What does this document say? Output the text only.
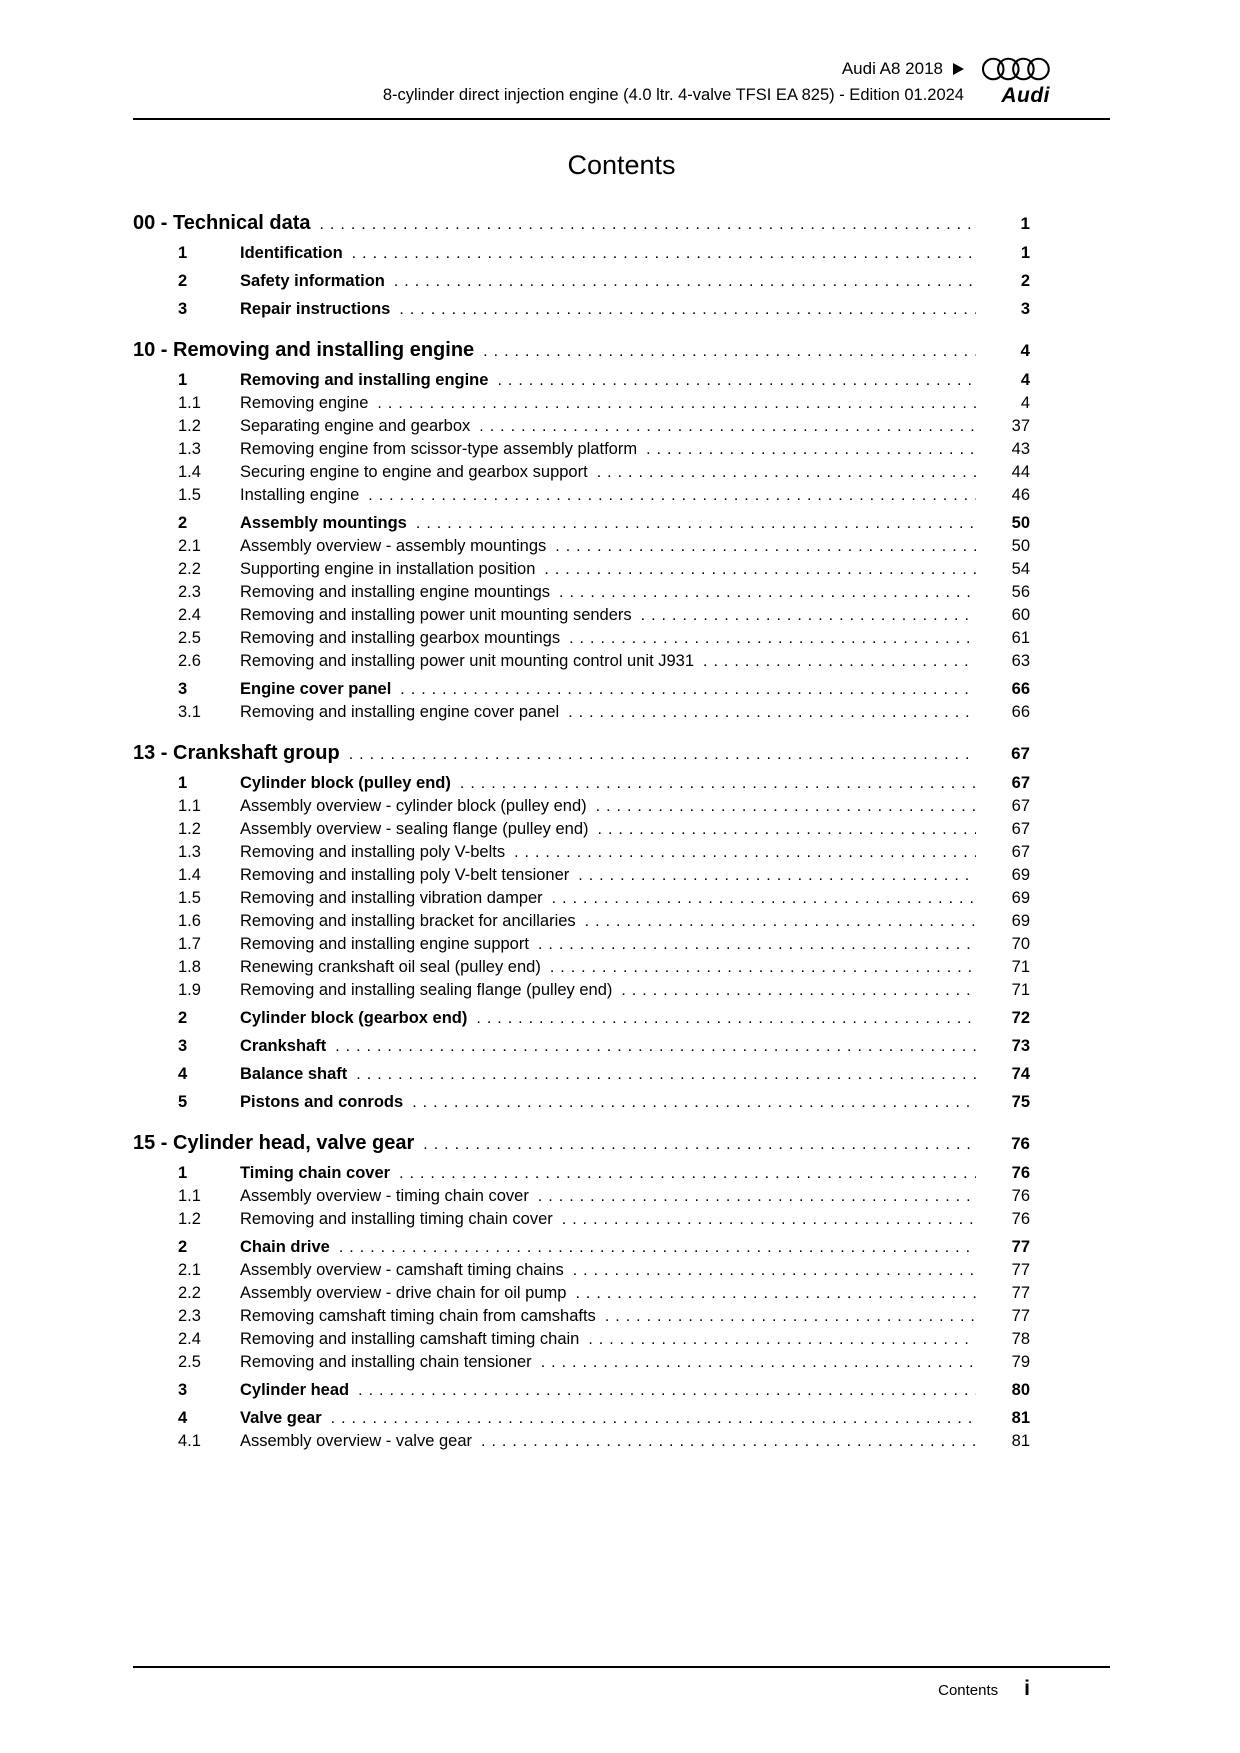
Audi A8 2018
8-cylinder direct injection engine (4.0 ltr. 4-valve TFSI EA 825) - Edition 01.2024	Audi
Contents
00 - Technical data .....	1
1	Identification .....	1
2	Safety information .....	2
3	Repair instructions .....	3
10 - Removing and installing engine .....	4
1	Removing and installing engine .....	4
1.1	Removing engine .....	4
1.2	Separating engine and gearbox .....	37
1.3	Removing engine from scissor-type assembly platform .....	43
1.4	Securing engine to engine and gearbox support .....	44
1.5	Installing engine .....	46
2	Assembly mountings .....	50
2.1	Assembly overview - assembly mountings .....	50
2.2	Supporting engine in installation position .....	54
2.3	Removing and installing engine mountings .....	56
2.4	Removing and installing power unit mounting senders .....	60
2.5	Removing and installing gearbox mountings .....	61
2.6	Removing and installing power unit mounting control unit J931 .....	63
3	Engine cover panel .....	66
3.1	Removing and installing engine cover panel .....	66
13 - Crankshaft group .....	67
1	Cylinder block (pulley end) .....	67
1.1	Assembly overview - cylinder block (pulley end) .....	67
1.2	Assembly overview - sealing flange (pulley end) .....	67
1.3	Removing and installing poly V-belts .....	67
1.4	Removing and installing poly V-belt tensioner .....	69
1.5	Removing and installing vibration damper .....	69
1.6	Removing and installing bracket for ancillaries .....	69
1.7	Removing and installing engine support .....	70
1.8	Renewing crankshaft oil seal (pulley end) .....	71
1.9	Removing and installing sealing flange (pulley end) .....	71
2	Cylinder block (gearbox end) .....	72
3	Crankshaft .....	73
4	Balance shaft .....	74
5	Pistons and conrods .....	75
15 - Cylinder head, valve gear .....	76
1	Timing chain cover .....	76
1.1	Assembly overview - timing chain cover .....	76
1.2	Removing and installing timing chain cover .....	76
2	Chain drive .....	77
2.1	Assembly overview - camshaft timing chains .....	77
2.2	Assembly overview - drive chain for oil pump .....	77
2.3	Removing camshaft timing chain from camshafts .....	77
2.4	Removing and installing camshaft timing chain .....	78
2.5	Removing and installing chain tensioner .....	79
3	Cylinder head .....	80
4	Valve gear .....	81
4.1	Assembly overview - valve gear .....	81
Contents i
